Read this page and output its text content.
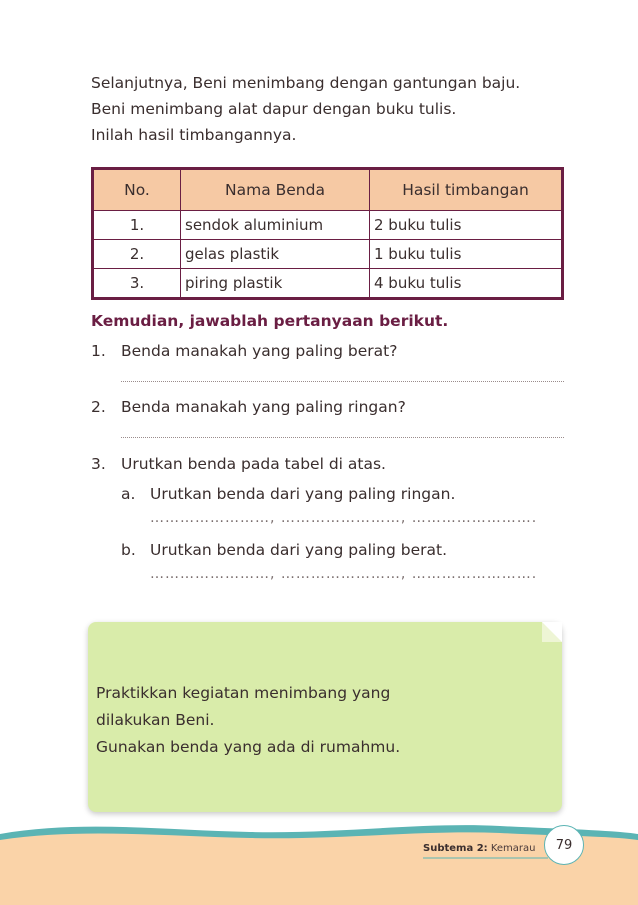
Selanjutnya, Beni menimbang dengan gantungan baju.

Beni menimbang alat dapur dengan buku tulis.

Inilah hasil timbangannya.

No.	Nama Benda	Hasil timbangan
1.	sendok aluminium	2 buku tulis
2.	gelas plastik	1 buku tulis
3.	piring plastik	4 buku tulis
Kemudian, jawablah pertanyaan berikut.
1. Benda manakah yang paling berat?
2. Benda manakah yang paling ringan?
3. Urutkan benda pada tabel di atas.
a. Urutkan benda dari yang paling ringan.
……………………, ……………………, …………………….
b. Urutkan benda dari yang paling berat.
……………………, ……………………, …………………….

Praktikkan kegiatan menimbang yang

dilakukan Beni.

Gunakan benda yang ada di rumahmu.

Subtema 2: Kemarau	79
